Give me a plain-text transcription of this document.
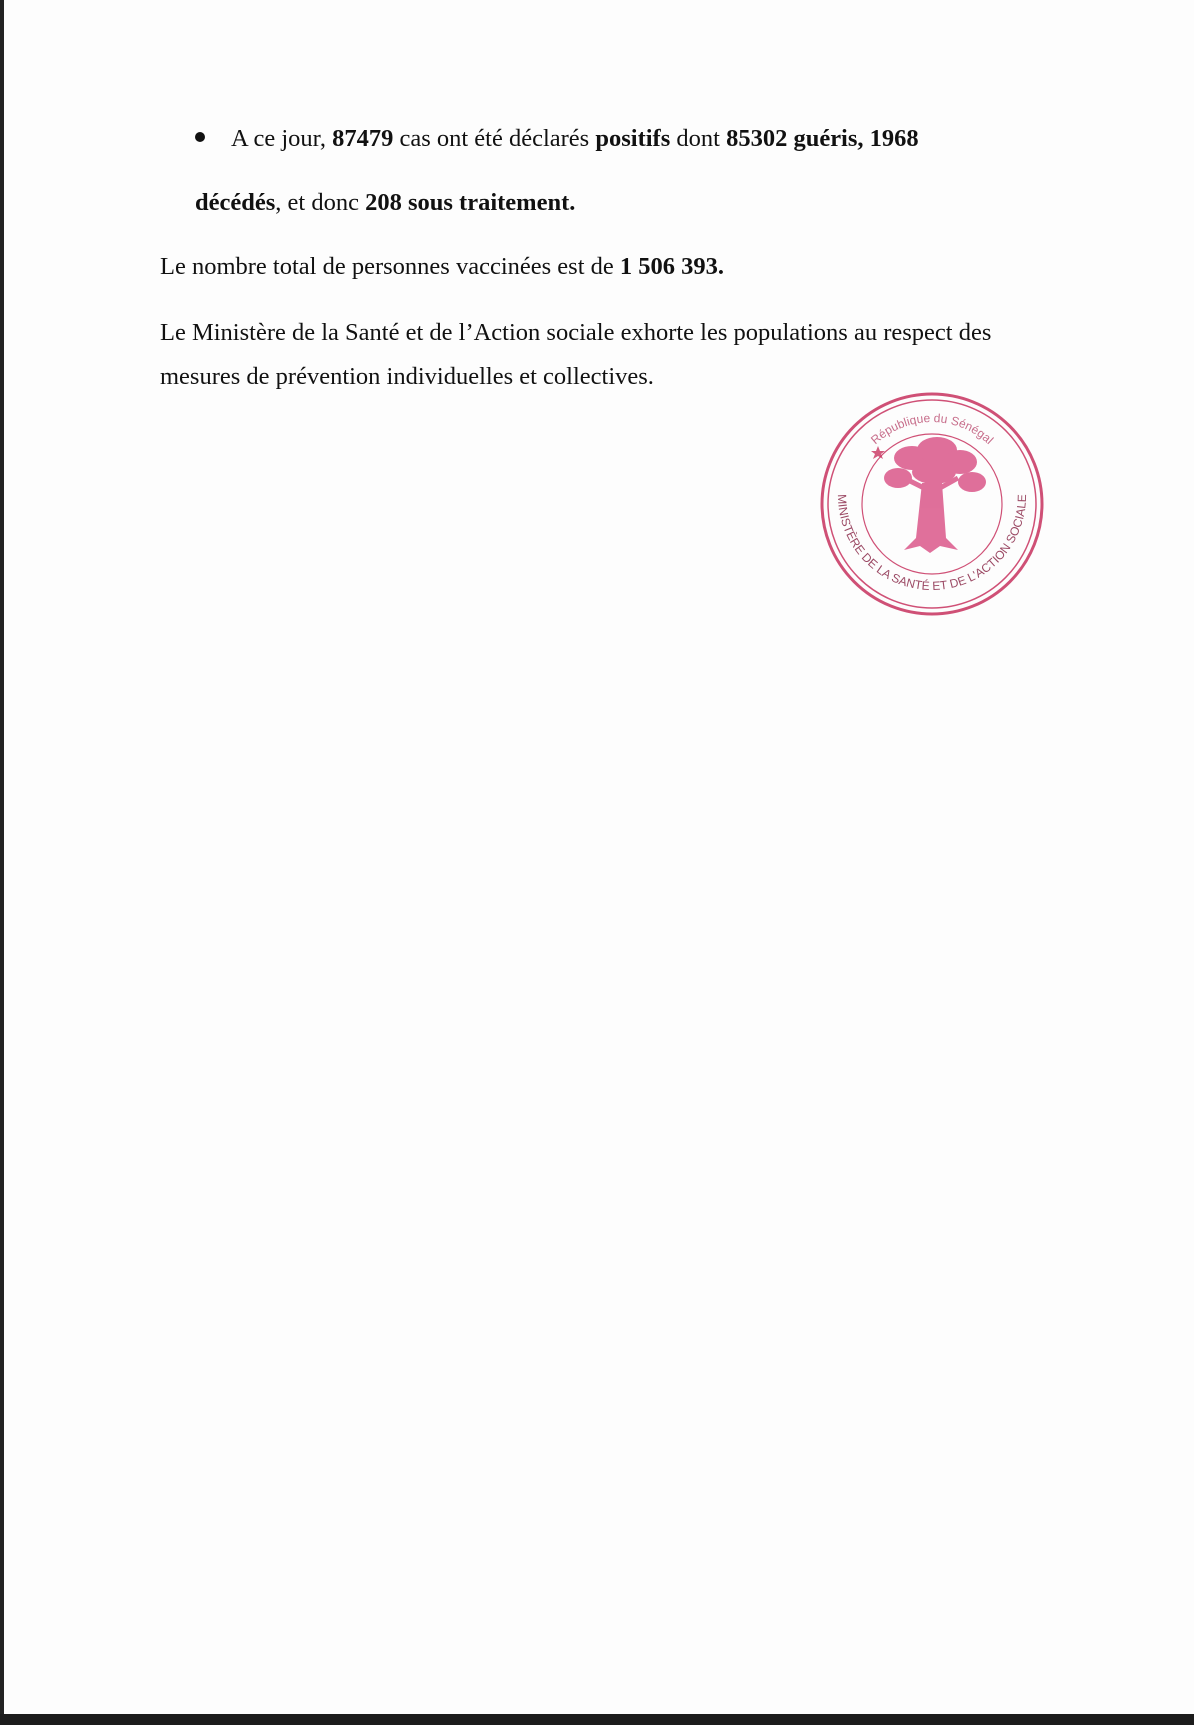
A ce jour, 87479 cas ont été déclarés positifs dont 85302 guéris, 1968

décédés, et donc 208 sous traitement.

Le nombre total de personnes vaccinées est de 1 506 393.

Le Ministère de la Santé et de l’Action sociale exhorte les populations au respect des

mesures de prévention individuelles et collectives.

République du Sénégal
MINISTÈRE DE LA SANTÉ ET DE L'ACTION SOCIALE
